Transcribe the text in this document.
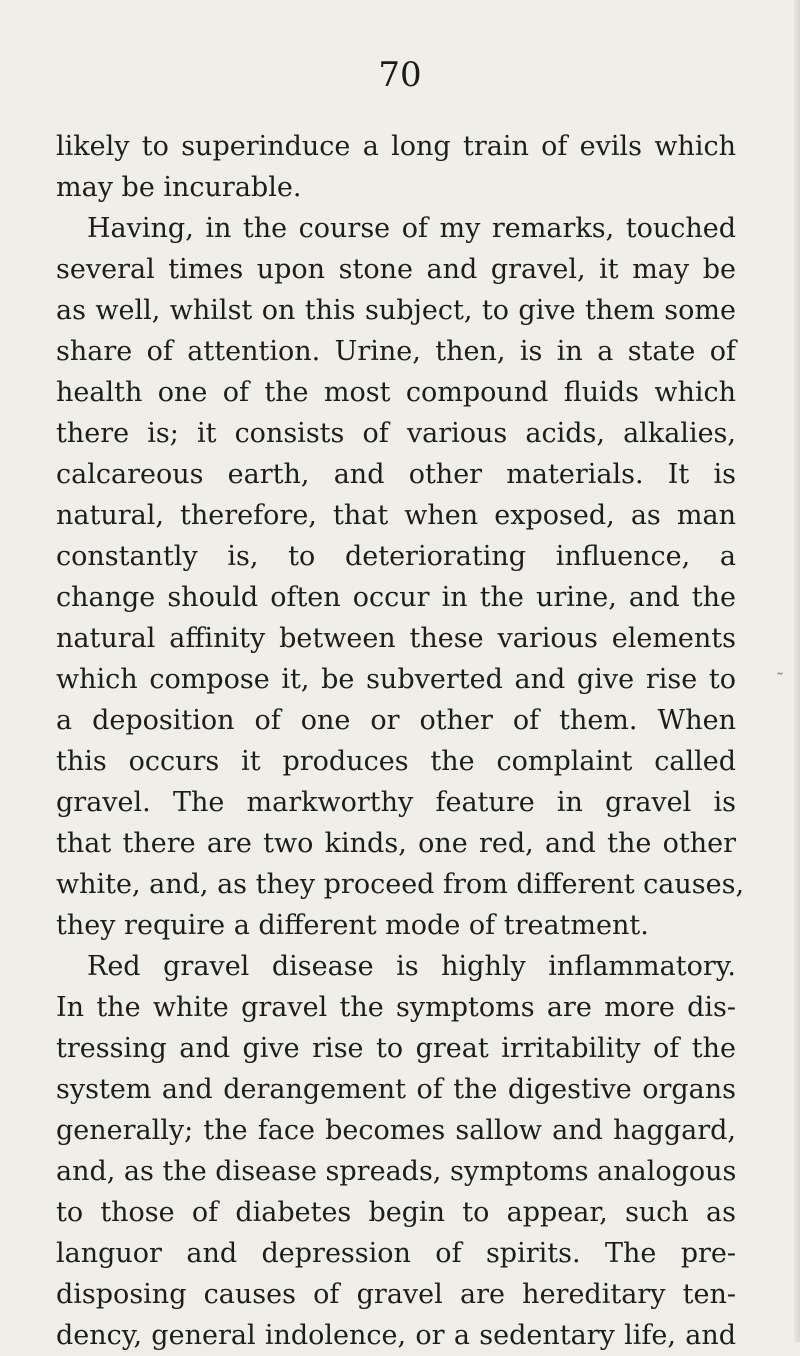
70
likely to superinduce a long train of evils which
may be incurable.
Having, in the course of my remarks, touched
several times upon stone and gravel, it may be
as well, whilst on this subject, to give them some
share of attention. Urine, then, is in a state of
health one of the most compound fluids which
there is; it consists of various acids, alkalies,
calcareous earth, and other materials. It is
natural, therefore, that when exposed, as man
constantly is, to deteriorating influence, a
change should often occur in the urine, and the
natural affinity between these various elements
which compose it, be subverted and give rise to
a deposition of one or other of them. When
this occurs it produces the complaint called
gravel. The markworthy feature in gravel is
that there are two kinds, one red, and the other
white, and, as they proceed from different causes,
they require a different mode of treatment.
Red gravel disease is highly inflammatory.
In the white gravel the symptoms are more dis-
tressing and give rise to great irritability of the
system and derangement of the digestive organs
generally; the face becomes sallow and haggard,
and, as the disease spreads, symptoms analogous
to those of diabetes begin to appear, such as
languor and depression of spirits. The pre-
disposing causes of gravel are hereditary ten-
dency, general indolence, or a sedentary life, and
˜
